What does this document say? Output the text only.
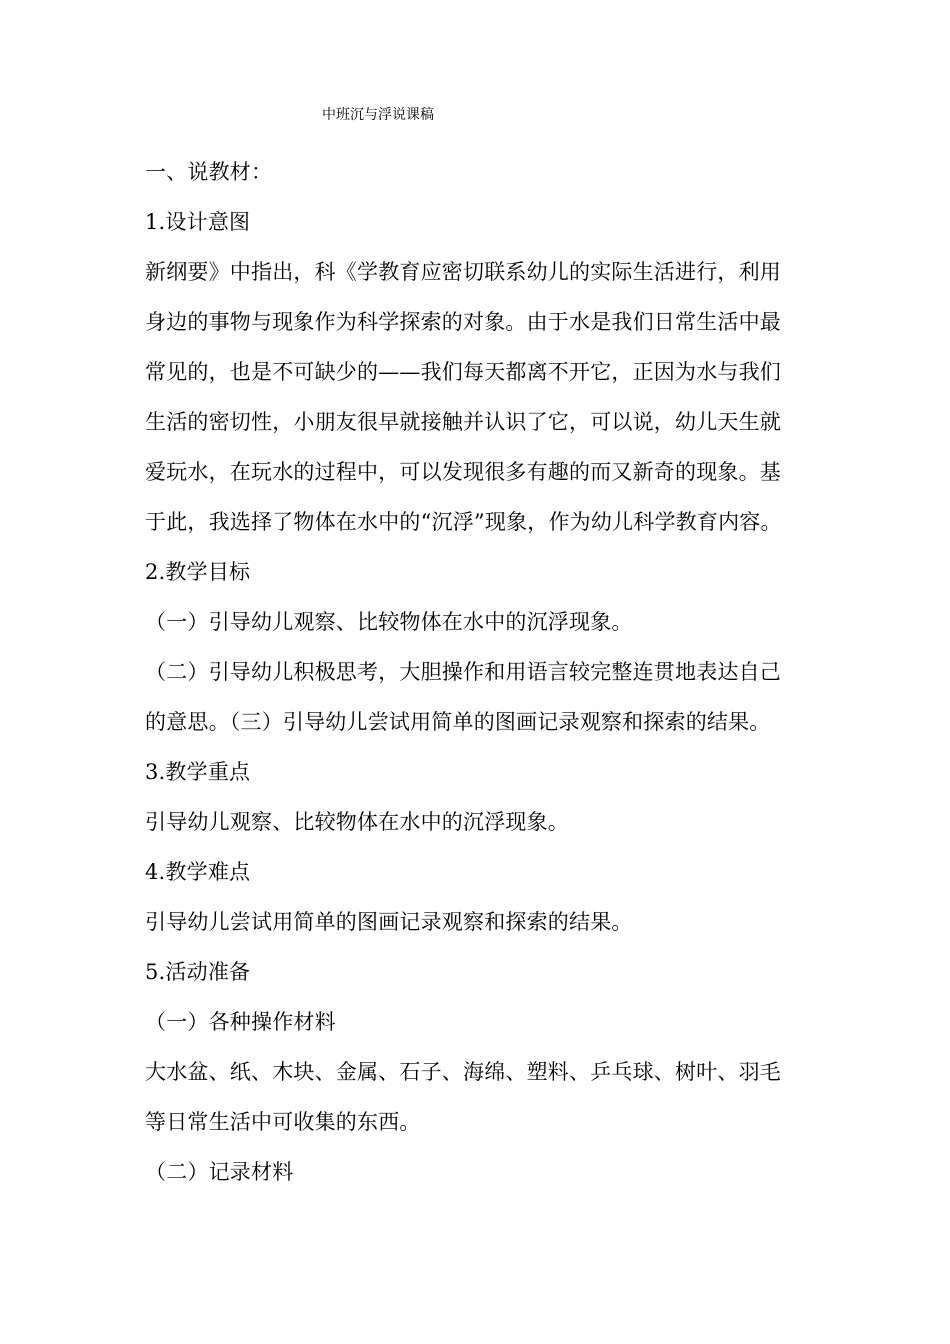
中班沉与浮说课稿
一、说教材：
1.设计意图
新纲要》中指出，科《学教育应密切联系幼儿的实际生活进行，利用
身边的事物与现象作为科学探索的对象。由于水是我们日常生活中最
常见的，也是不可缺少的——我们每天都离不开它，正因为水与我们
生活的密切性，小朋友很早就接触并认识了它，可以说，幼儿天生就
爱玩水，在玩水的过程中，可以发现很多有趣的而又新奇的现象。基
于此，我选择了物体在水中的“沉浮”现象，作为幼儿科学教育内容。
2.教学目标
（一）引导幼儿观察、比较物体在水中的沉浮现象。
（二）引导幼儿积极思考，大胆操作和用语言较完整连贯地表达自己
的意思。（三）引导幼儿尝试用简单的图画记录观察和探索的结果。
3.教学重点
引导幼儿观察、比较物体在水中的沉浮现象。
4.教学难点
引导幼儿尝试用简单的图画记录观察和探索的结果。
5.活动准备
（一）各种操作材料
大水盆、纸、木块、金属、石子、海绵、塑料、乒乓球、树叶、羽毛
等日常生活中可收集的东西。
（二）记录材料
